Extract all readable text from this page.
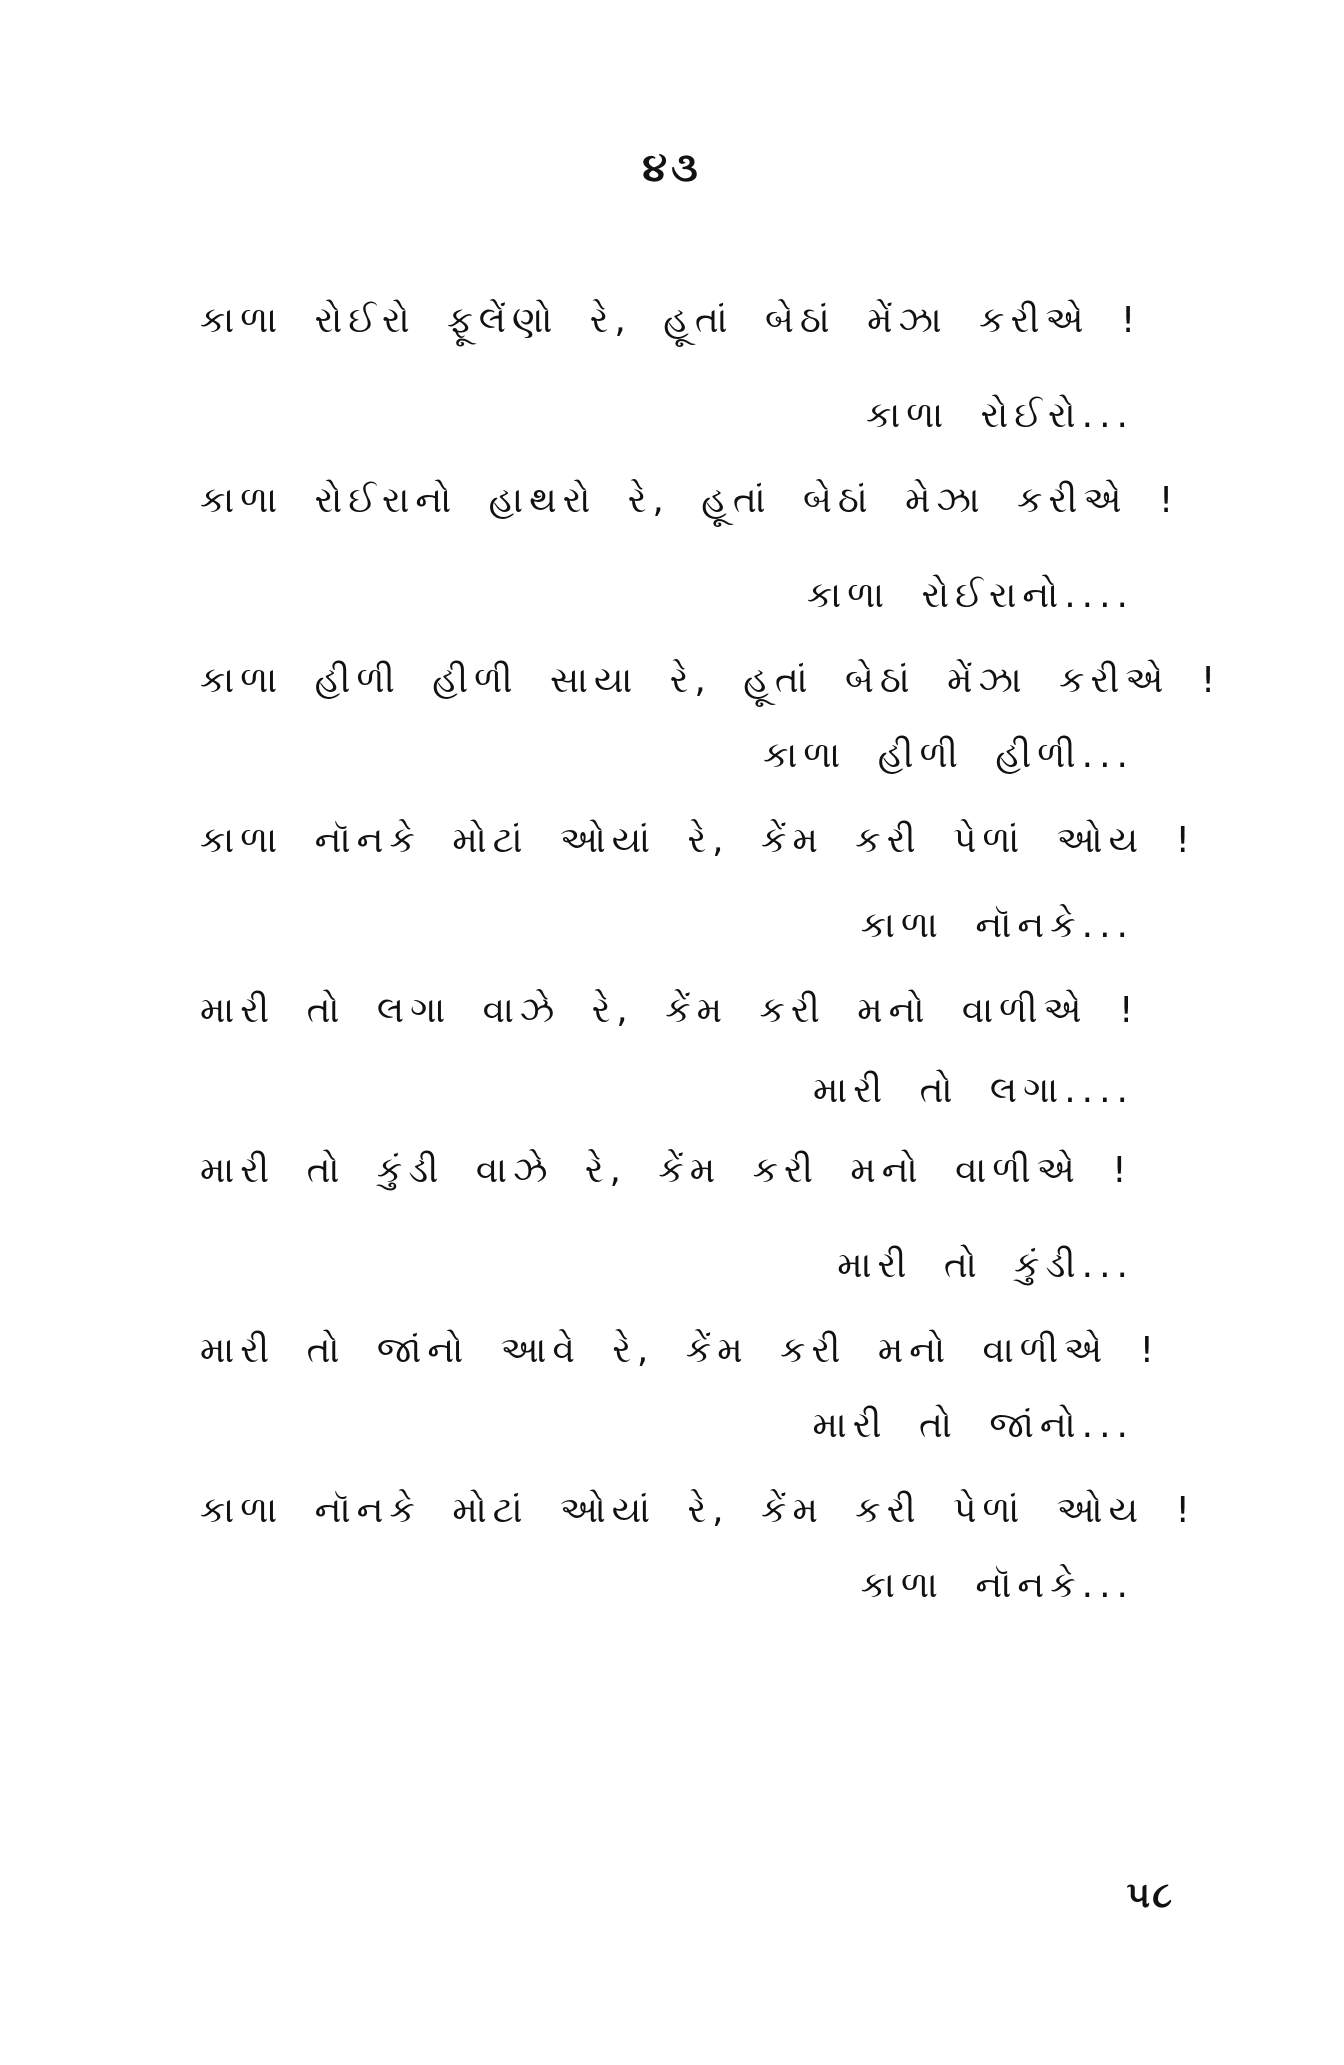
૪૩
કાળા રોઈરો ફૂલેંણો રે, હૂતાં બેઠાં મેંઝા કરીએ !
કાળા રોઈરો...
કાળા રોઈરાનો હાથરો રે, હૂતાં બેઠાં મેઝા કરીએ !
કાળા રોઈરાનો....
કાળા હીળી હીળી સાયા રે, હૂતાં બેઠાં મેંઝા કરીએ !
કાળા હીળી હીળી...
કાળા નૉનકે મોટાં ઓયાં રે, કેંમ કરી પેળાં ઓય !
કાળા નૉનકે...
મારી તો લગા વાઝે રે, કેંમ કરી મનો વાળીએ !
મારી તો લગા....
મારી તો કુંડી વાઝે રે, કેંમ કરી મનો વાળીએ !
મારી તો કુંડી...
મારી તો જાંનો આવે રે, કેંમ કરી મનો વાળીએ !
મારી તો જાંનો...
કાળા નૉનકે મોટાં ઓયાં રે, કેંમ કરી પેળાં ઓય !
કાળા નૉનકે...
૫૮
